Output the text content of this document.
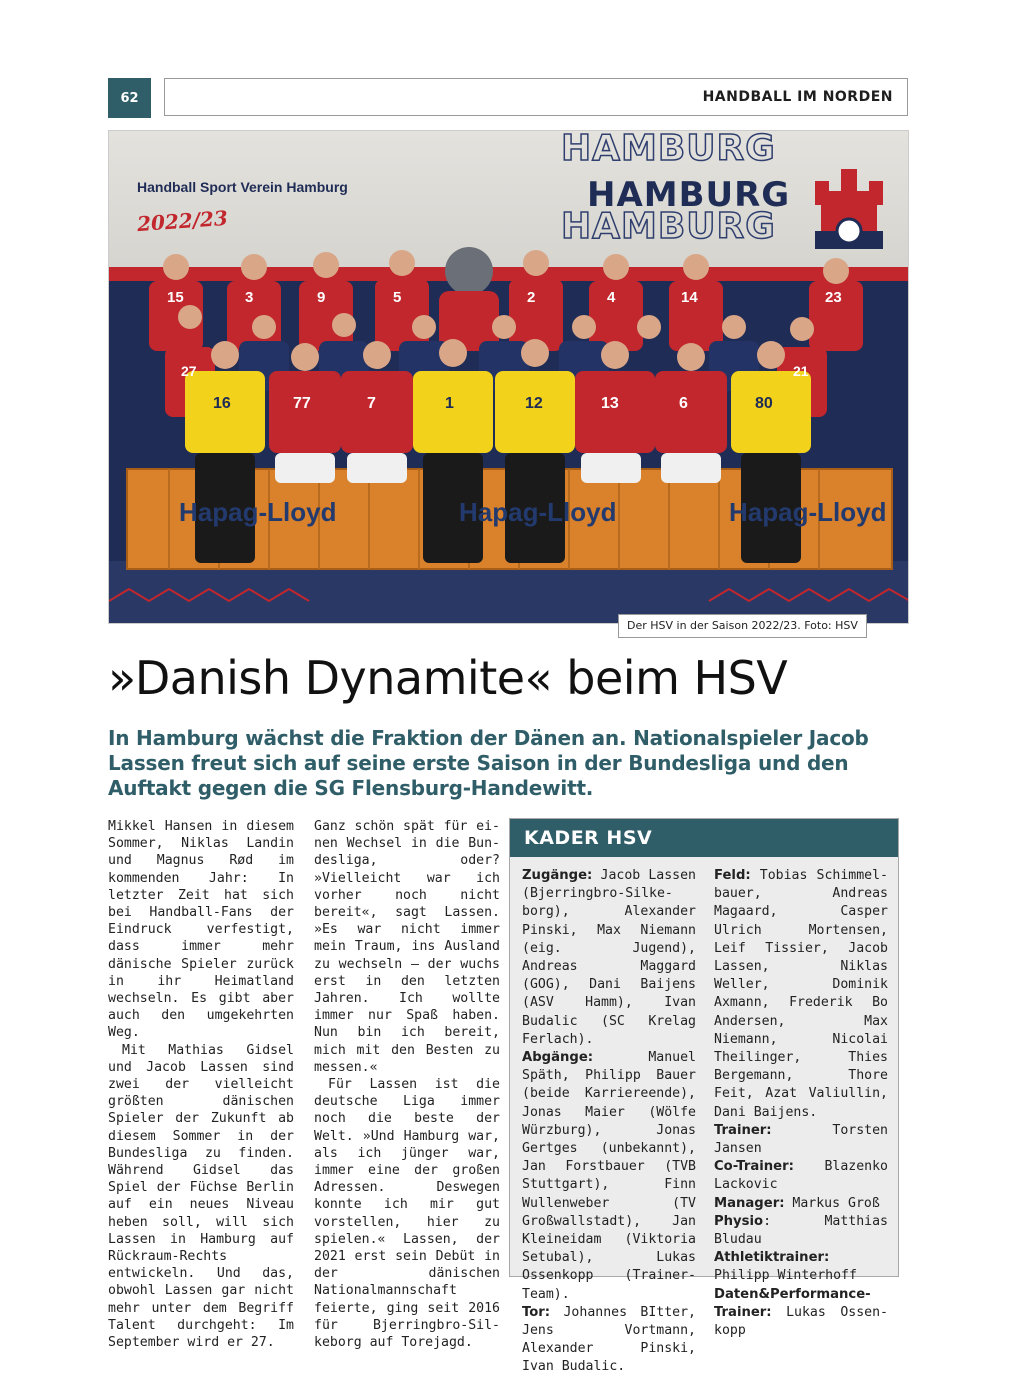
62	HANDBALL IM NORDEN
HAMBURG
HAMBURG
HAMBURG
Handball Sport Verein Hamburg
2022/23
15	3	9	5	2	4	14	23
27	21
16	77	7	1	12	13	6	80
Hapag-Lloyd	Hapag-Lloyd	Hapag-Lloyd
Der HSV in der Saison 2022/23. Foto: HSV
»Danish Dynamite« beim HSV

In Hamburg wächst die Fraktion der Dänen an. Nationalspieler Jacob Lassen freut sich auf seine erste Saison in der Bundesliga und den Auftakt gegen die SG Flensburg-Handewitt.

Mikkel Hansen in diesem Sommer, Niklas Landin und Magnus Rød im kommenden Jahr: In letzter Zeit hat sich bei Handball-Fans der Eindruck verfestigt, dass immer mehr dänische Spieler zurück in ihr Heimatland wechseln. Es gibt aber auch den umgekehrten Weg.

Mit Mathias Gidsel und Jacob Lassen sind zwei der vielleicht größten dänischen Spieler der Zukunft ab diesem Sommer in der Bundesliga zu finden. Während Gidsel das Spiel der Füchse Berlin auf ein neues Niveau heben soll, will sich Lassen in Hamburg auf Rückraum-Rechts entwickeln. Und das, obwohl Lassen gar nicht mehr unter dem Begriff Talent durchgeht: Im September wird er 27.

Ganz schön spät für einen Wechsel in die Bundesliga, oder? »Vielleicht war ich vorher noch nicht bereit«, sagt Lassen. »Es war nicht immer mein Traum, ins Ausland zu wechseln – der wuchs erst in den letzten Jahren. Ich wollte immer nur Spaß haben. Nun bin ich bereit, mich mit den Besten zu messen.«

Für Lassen ist die deutsche Liga immer noch die beste der Welt. »Und Hamburg war, als ich jünger war, immer eine der großen Adressen. Deswegen konnte ich mir gut vorstellen, hier zu spielen.« Lassen, der 2021 erst sein Debüt in der dänischen Nationalmannschaft feierte, ging seit 2016 für Bjerringbro-Silkeborg auf Torejagd.

KADER HSV

Zugänge: Jacob Lassen (Bjerringbro-Silkeborg), Alexander Pinski, Max Niemann (eig. Jugend), Andreas Maggard (GOG), Dani Baijens (ASV Hamm), Ivan Budalic (SC Krelag Ferlach).

Abgänge: Manuel Späth, Philipp Bauer (beide Karriereende), Jonas Maier (Wölfe Würzburg), Jonas Gertges (unbekannt), Jan Forstbauer (TVB Stuttgart), Finn Wullenweber (TV Großwallstadt), Jan Kleineidam (Viktoria Setubal), Lukas Ossenkopp (Trainer-Team).

Tor: Johannes BItter, Jens Vortmann, Alexander Pinski, Ivan Budalic.

Feld: Tobias Schimmelbauer, Andreas Magaard, Casper Ulrich Mortensen, Leif Tissier, Jacob Lassen, Niklas Weller, Dominik Axmann, Frederik Bo Andersen, Max Niemann, Nicolai Theilinger, Thies Bergemann, Thore Feit, Azat Valiullin, Dani Baijens.

Trainer: Torsten Jansen

Co-Trainer: Blazenko Lackovic

Manager: Markus Groß

Physio: Matthias Bludau

Athletiktrainer: Philipp Winterhoff

Daten&Performance-Trainer: Lukas Ossenkopp
